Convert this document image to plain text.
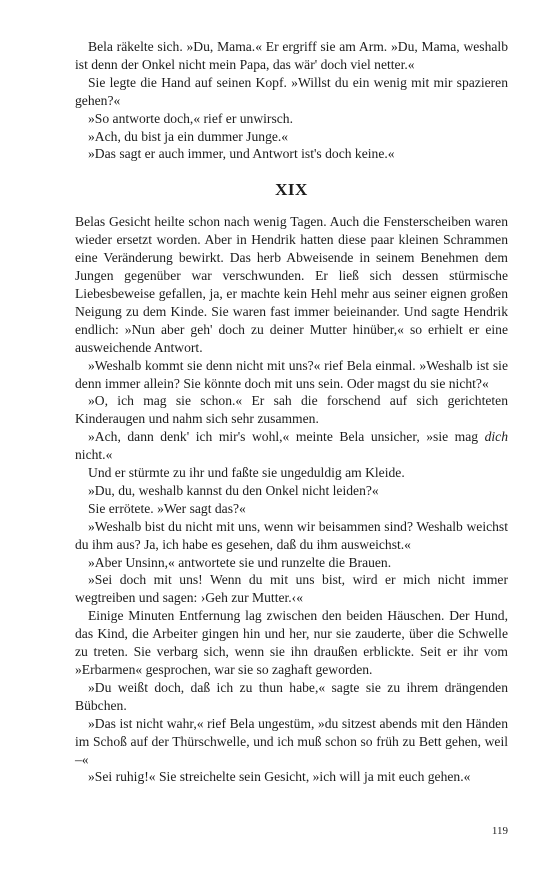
Bela räkelte sich. »Du, Mama.« Er ergriff sie am Arm. »Du, Mama, weshalb ist denn der Onkel nicht mein Papa, das wär' doch viel netter.«

Sie legte die Hand auf seinen Kopf. »Willst du ein wenig mit mir spazieren gehen?«

»So antworte doch,« rief er unwirsch.

»Ach, du bist ja ein dummer Junge.«

»Das sagt er auch immer, und Antwort ist's doch keine.«

XIX

Belas Gesicht heilte schon nach wenig Tagen. Auch die Fensterscheiben waren wieder ersetzt worden. Aber in Hendrik hatten diese paar kleinen Schrammen eine Veränderung bewirkt. Das herb Abweisende in seinem Benehmen dem Jungen gegenüber war verschwunden. Er ließ sich dessen stürmische Liebesbeweise gefallen, ja, er machte kein Hehl mehr aus seiner eignen großen Neigung zu dem Kinde. Sie waren fast immer beieinander. Und sagte Hendrik endlich: »Nun aber geh' doch zu deiner Mutter hinüber,« so erhielt er eine ausweichende Antwort.

»Weshalb kommt sie denn nicht mit uns?« rief Bela einmal. »Weshalb ist sie denn immer allein? Sie könnte doch mit uns sein. Oder magst du sie nicht?«

»O, ich mag sie schon.« Er sah die forschend auf sich gerichteten Kinderaugen und nahm sich sehr zusammen.

»Ach, dann denk' ich mir's wohl,« meinte Bela unsicher, »sie mag dich nicht.«

Und er stürmte zu ihr und faßte sie ungeduldig am Kleide.

»Du, du, weshalb kannst du den Onkel nicht leiden?«

Sie errötete. »Wer sagt das?«

»Weshalb bist du nicht mit uns, wenn wir beisammen sind? Weshalb weichst du ihm aus? Ja, ich habe es gesehen, daß du ihm ausweichst.«

»Aber Unsinn,« antwortete sie und runzelte die Brauen.

»Sei doch mit uns! Wenn du mit uns bist, wird er mich nicht immer wegtreiben und sagen: ›Geh zur Mutter.‹«

Einige Minuten Entfernung lag zwischen den beiden Häuschen. Der Hund, das Kind, die Arbeiter gingen hin und her, nur sie zauderte, über die Schwelle zu treten. Sie verbarg sich, wenn sie ihn draußen erblickte. Seit er ihr vom »Erbarmen« gesprochen, war sie so zaghaft geworden.

»Du weißt doch, daß ich zu thun habe,« sagte sie zu ihrem drängenden Bübchen.

»Das ist nicht wahr,« rief Bela ungestüm, »du sitzest abends mit den Händen im Schoß auf der Thürschwelle, und ich muß schon so früh zu Bett gehen, weil –«

»Sei ruhig!« Sie streichelte sein Gesicht, »ich will ja mit euch gehen.«

119
